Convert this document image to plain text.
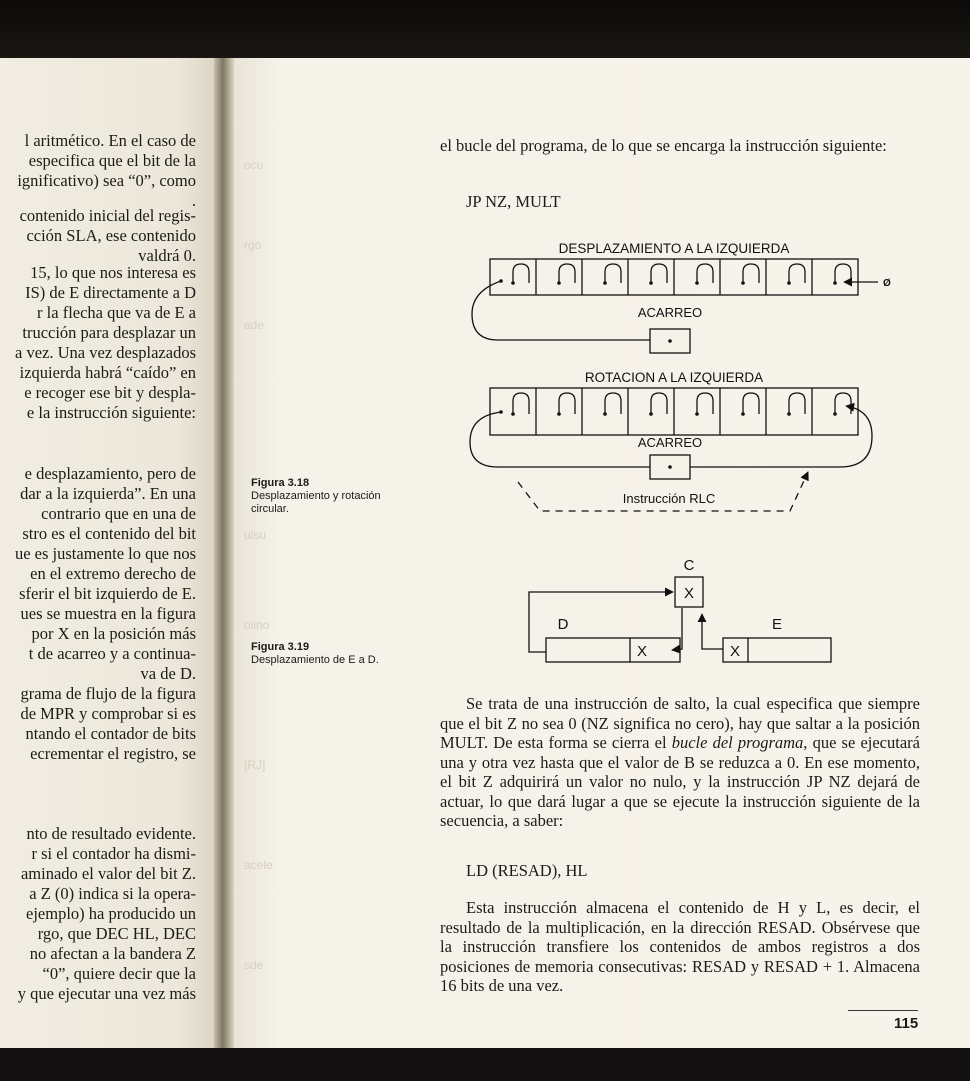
l aritmético. En el caso de
especifica que el bit de la
ignificativo) sea “0”, como
.
contenido inicial del regis-
cción SLA, ese contenido
valdrá 0.
15, lo que nos interesa es
IS) de E directamente a D
r la flecha que va de E a
trucción para desplazar un
a vez. Una vez desplazados
izquierda habrá “caído” en
e recoger ese bit y despla-
e la instrucción siguiente:
e desplazamiento, pero de
dar a la izquierda”. En una
contrario que en una de
stro es el contenido del bit
ue es justamente lo que nos
en el extremo derecho de
sferir el bit izquierdo de E.
ues se muestra en la figura
por X en la posición más
t de acarreo y a continua-
va de D.
grama de flujo de la figura
de MPR y comprobar si es
ntando el contador de bits
ecrementar el registro, se
nto de resultado evidente.
r si el contador ha dismi-
aminado el valor del bit Z.
a Z (0) indica si la opera-
ejemplo) ha producido un
rgo, que DEC HL, DEC
no afectan a la bandera Z
“0”, quiere decir que la
y que ejecutar una vez más
ocu
rgo
ade
ulsu
olino
[RJ]
acele
sde
Figura 3.18
Desplazamiento y rotación circular.
Figura 3.19
Desplazamiento de E a D.

el bucle del programa, de lo que se encarga la instrucción siguiente:

JP NZ, MULT
DESPLAZAMIENTO A LA IZQUIERDA
ACARREO
Ø
ROTACION A LA IZQUIERDA
ACARREO
Instrucción RLC
C
X
D
X
E
X

Se trata de una instrucción de salto, la cual especifica que siempre que el bit Z no sea 0 (NZ significa no cero), hay que saltar a la posición MULT. De esta forma se cierra el bucle del programa, que se ejecutará una y otra vez hasta que el valor de B se reduzca a 0. En ese momento, el bit Z adquirirá un valor no nulo, y la instrucción JP NZ dejará de actuar, lo que dará lugar a que se ejecute la instrucción siguiente de la secuencia, a saber:

LD (RESAD), HL

Esta instrucción almacena el contenido de H y L, es decir, el resultado de la multiplicación, en la dirección RESAD. Obsérvese que la instrucción transfiere los contenidos de ambos registros a dos posiciones de memoria consecutivas: RESAD y RESAD + 1. Almacena 16 bits de una vez.

115
